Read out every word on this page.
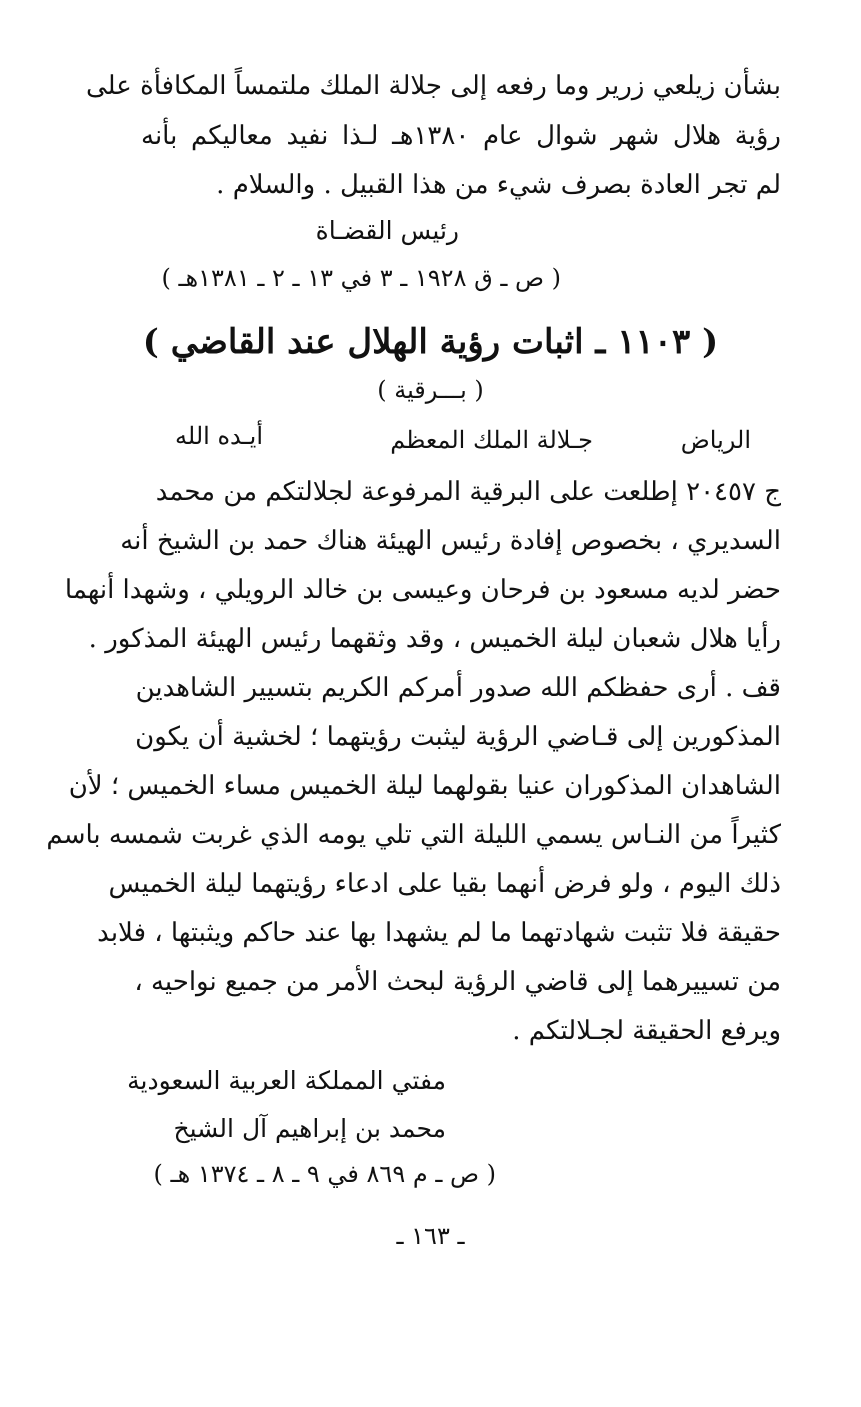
بشأن زيلعي زرير وما رفعه إلى جلالة الملك ملتمساً المكافأة على
رؤية هلال شهر شوال عام ١٣٨٠هـ لـذا نفيد معاليكم بأنه
لم تجر العادة بصرف شيء من هذا القبيل . والسلام .
رئيس القضـاة
( ص ـ ق ١٩٢٨ ـ ٣ في ١٣ ـ ٢ ـ ١٣٨١هـ )
( ١١٠٣ ـ اثبات رؤية الهلال عند القاضي )
( بـــرقية )
الرياض
جـلالة الملك المعظم
أيـده الله
ج ٢٠٤٥٧ إطلعت على البرقية المرفوعة لجلالتكم من محمد
السديري ، بخصوص إفادة رئيس الهيئة هناك حمد بن الشيخ أنه
حضر لديه مسعود بن فرحان وعيسى بن خالد الرويلي ، وشهدا أنهما
رأيا هلال شعبان ليلة الخميس ، وقد وثقهما رئيس الهيئة المذكور .
قف . أرى حفظكم الله صدور أمركم الكريم بتسيير الشاهدين
المذكورين إلى قـاضي الرؤية ليثبت رؤيتهما ؛ لخشية أن يكون
الشاهدان المذكوران عنيا بقولهما ليلة الخميس مساء الخميس ؛ لأن
كثيراً من النـاس يسمي الليلة التي تلي يومه الذي غربت شمسه باسم
ذلك اليوم ، ولو فرض أنهما بقيا على ادعاء رؤيتهما ليلة الخميس
حقيقة فلا تثبت شهادتهما ما لم يشهدا بها عند حاكم ويثبتها ، فلابد
من تسييرهما إلى قاضي الرؤية لبحث الأمر من جميع نواحيه ،
ويرفع الحقيقة لجـلالتكم .
مفتي المملكة العربية السعودية
محمد بن إبراهيم آل الشيخ
( ص ـ م ٨٦٩ في ٩ ـ ٨ ـ ١٣٧٤ هـ )
ـ ١٦٣ ـ
